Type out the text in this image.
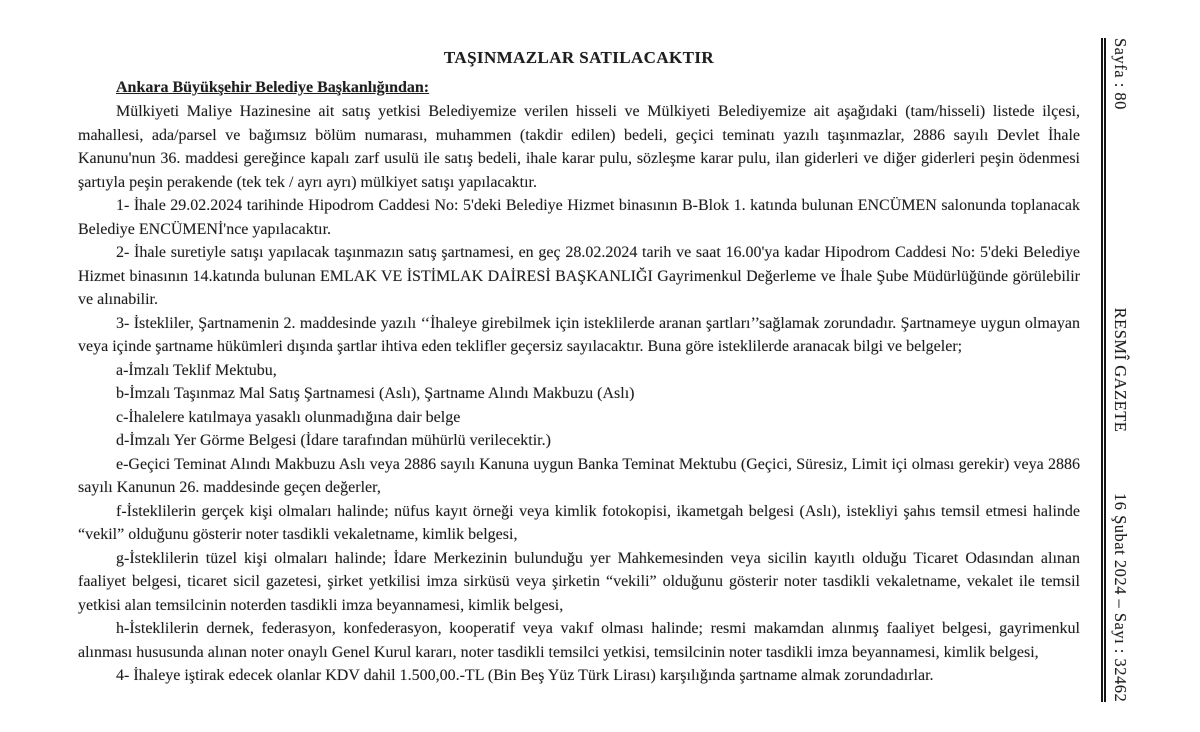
TAŞINMAZLAR SATILACAKTIR
Ankara Büyükşehir Belediye Başkanlığından:

Mülkiyeti Maliye Hazinesine ait satış yetkisi Belediyemize verilen hisseli ve Mülkiyeti Belediyemize ait aşağıdaki (tam/hisseli) listede ilçesi, mahallesi, ada/parsel ve bağımsız bölüm numarası, muhammen (takdir edilen) bedeli, geçici teminatı yazılı taşınmazlar, 2886 sayılı Devlet İhale Kanunu'nun 36. maddesi gereğince kapalı zarf usulü ile satış bedeli, ihale karar pulu, sözleşme karar pulu, ilan giderleri ve diğer giderleri peşin ödenmesi şartıyla peşin perakende (tek tek / ayrı ayrı) mülkiyet satışı yapılacaktır.

1- İhale 29.02.2024 tarihinde Hipodrom Caddesi No: 5'deki Belediye Hizmet binasının B-Blok 1. katında bulunan ENCÜMEN salonunda toplanacak Belediye ENCÜMENİ'nce yapılacaktır.

2- İhale suretiyle satışı yapılacak taşınmazın satış şartnamesi, en geç 28.02.2024 tarih ve saat 16.00'ya kadar Hipodrom Caddesi No: 5'deki Belediye Hizmet binasının 14.katında bulunan EMLAK VE İSTİMLAK DAİRESİ BAŞKANLIĞI Gayrimenkul Değerleme ve İhale Şube Müdürlüğünde görülebilir ve alınabilir.

3- İstekliler, Şartnamenin 2. maddesinde yazılı ‘‘İhaleye girebilmek için isteklilerde aranan şartları’’sağlamak zorundadır. Şartnameye uygun olmayan veya içinde şartname hükümleri dışında şartlar ihtiva eden teklifler geçersiz sayılacaktır. Buna göre isteklilerde aranacak bilgi ve belgeler;

a-İmzalı Teklif Mektubu,

b-İmzalı Taşınmaz Mal Satış Şartnamesi (Aslı), Şartname Alındı Makbuzu (Aslı)

c-İhalelere katılmaya yasaklı olunmadığına dair belge

d-İmzalı Yer Görme Belgesi (İdare tarafından mühürlü verilecektir.)

e-Geçici Teminat Alındı Makbuzu Aslı veya 2886 sayılı Kanuna uygun Banka Teminat Mektubu (Geçici, Süresiz, Limit içi olması gerekir) veya 2886 sayılı Kanunun 26. maddesinde geçen değerler,

f-İsteklilerin gerçek kişi olmaları halinde; nüfus kayıt örneği veya kimlik fotokopisi, ikametgah belgesi (Aslı), istekliyi şahıs temsil etmesi halinde “vekil” olduğunu gösterir noter tasdikli vekaletname, kimlik belgesi,

g-İsteklilerin tüzel kişi olmaları halinde; İdare Merkezinin bulunduğu yer Mahkemesinden veya sicilin kayıtlı olduğu Ticaret Odasından alınan faaliyet belgesi, ticaret sicil gazetesi, şirket yetkilisi imza sirküsü veya şirketin “vekili” olduğunu gösterir noter tasdikli vekaletname, vekalet ile temsil yetkisi alan temsilcinin noterden tasdikli imza beyannamesi, kimlik belgesi,

h-İsteklilerin dernek, federasyon, konfederasyon, kooperatif veya vakıf olması halinde; resmi makamdan alınmış faaliyet belgesi, gayrimenkul alınması hususunda alınan noter onaylı Genel Kurul kararı, noter tasdikli temsilci yetkisi, temsilcinin noter tasdikli imza beyannamesi, kimlik belgesi,

4- İhaleye iştirak edecek olanlar KDV dahil 1.500,00.-TL (Bin Beş Yüz Türk Lirası) karşılığında şartname almak zorundadırlar.

Sayfa : 80
RESMÎ GAZETE
16 Şubat 2024 – Sayı : 32462
